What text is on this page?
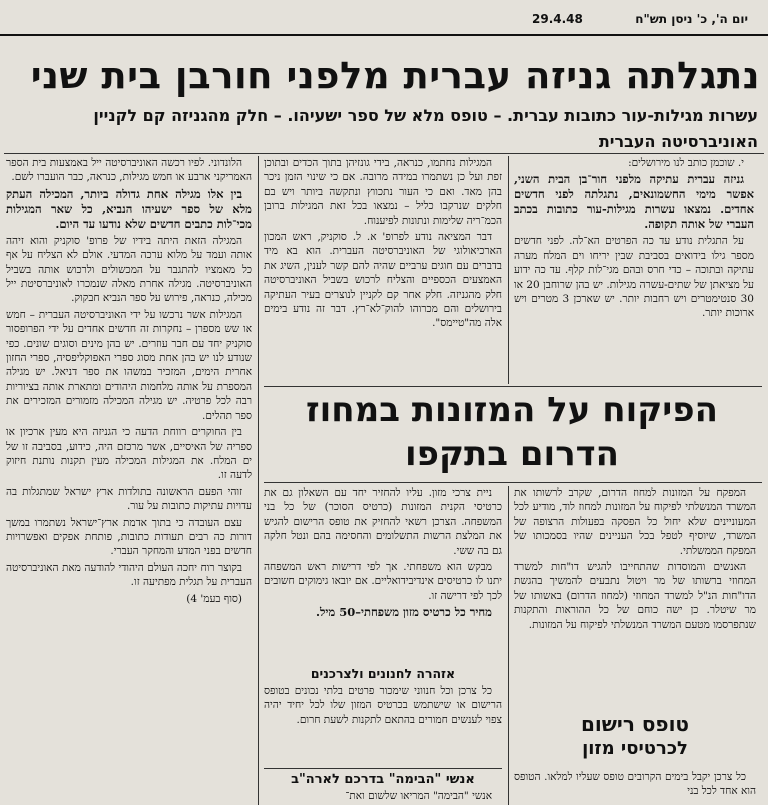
יום ה', כ' ניסן תש"ח
29.4.48
נתגלתה גניזה עברית מלפני חורבן בית שני
עשרות מגילות-עור כתובות עברית. – טופס מלא של ספר ישעיהו. – חלק מהגניזה קם לקניין האוניברסיטה העברית

י. שוכמן כותב לנו מירושלים:

גניזה עברית עתיקה מלפני חור־בן הבית השני, אפשר מימי החשמונאים, נתגלתה לפני חדשים אחדים. נמצאו עשרות מגילות-עור כתובות בכתב העברי של אותה תקופה.

על התגלית נודע עד כה הפרטים הא־לה. לפני חדשים מספר גילו בידואים בסביבת שבין יריחו וים המלח מערה עתיקה ובתוכה – כדי חרס ובהם מגי־לות קלף. עד כה ידוע על מציאתן של שתים-עשרה מגילות. יש בהן שרוחבן 20 או 30 סנטימטרים ויש רחבות יותר. יש שארכן 3 מטרים ויש ארוכות יותר.

המגילות נחתמו, כנראה, בידי גונזיהן בתוך הכדים ובתוכן זפת ועל כן נשתמרו במידה מרובה. אם כי שינוי הזמן ניכר בהן מאד. ואם כי העור נתכווץ ונתקשה ביותר ויש בם חלקים שנרקבו כליל – נמצאו בכל זאת המגילות ברובן הכמ־ריה שלימות ונתונות לפיענוח.

דבר המציאה נודע לפרופ' א. ל. סוקניק, ראש המכון הארכיאולוגי של האוניברסיטה העברית. הוא בא מיד בדברים עם חוגים ערביים שהיה להם קשר לענין, השיג את האמצעים הכספיים והצליח לרכוש בשביל האוניברסיטה חלק מהגניזה. חלק אחר קם לקניין לנוצרים בעיר העתיקה בירושלים והם מכרוהו להוק־לא־רץ. דבר זה נודע בימים אלה מה"טיימס".

הלונדוני. לפיו רכשה האוניברסיטה ייל באמצעות בית הספר האמריקני ארבע או חמש מגילות, כנראה, כבר הועברו לשם.

בין אלו מגילה אחת גדולה ביותר, המכילה העתק מלא של ספר ישעיהו הנביא, כל שאר המגילות מכי־לות כתבים חדשים שלא נודעו עד היום.

המגילה הזאת היתה בידיו של פרופ' סוקניק והוא זיהה אותה ועמד על מלוא ערכה המדעי. אולם לא הצליח על אף כל מאמציו להתגבר על המכשולים ולרכוש אותה בשביל האוניברסיטה. מגילה אחרת מאלה שנמכרו לאוניברסיטת ייל מכילה, כנראה, פירוש על ספר הנביא חבקוק.

המגילות אשר נרכשו על ידי האוניברסיטה העברית – חמש או שש מספרן – נחקרות זה חדשים אחדים על ידי הפרופסור סוקניק יחד עם חבר עוזרים. יש בהן מינים וסוגים שונים. כפי שנודע לנו יש בהן אחת מסוג ספרי האפוקליפסיה, ספרי החזון אחרית הימים, המזכיר במשהו את ספר דניאל. יש מגילה המספרת על אותה מלחמות היהודים ומתארת אותה בציוריות רבה לכל פרטיה. יש מגילה המכילה מזמורים המזכירים את ספר תהלים.

בין החוקרים רווחת הדעה כי הגניזה היא מעין ארכיון או ספריה של האיסיים, אשר מרכזם היה, כידוע, בסביבה זו של ים המלח. את המגילות המכילה מעין תקנות נותנת חיזוק לדעה זו.

זוהי הפעם הראשונה בתולדות ארץ ישראל שמתגלות בה עדויות עתיקות כתובות על עור.

עצם העובדה כי בתוך אדמת ארץ־ישראל נשתמרו במשך דורות כה רבים תעודות כתובות, פותחת אפקים ואפשרויות חדשים בפני המדע והמחקר העברי.

בקוצר רוח יחכה העולם היהודי להודעה מאת האוניברסיטה העברית על תגלית מפתיעה זו.

(סוף בעמ' 4)

הפיקוח על המזונות במחוז הדרום בתקפו

המפקח על המזונות למחוז הדרום, שקרב לרשותו את המשרד המנשלתי לפיקוח על המזונות למחוז לוד, מודיע לכל המעוניינים שלא יחול כל הפסקה בפעולות הרצופה של המשרד, שיוסיף לטפל בכל העניינים שהיו בסמכותו של המפקח הממשלתי.

האנשים והמוסדות שהתחייבו להגיש דו"חות למשרד המחוזי ברשותו של מר ויטול נתבעים להמשיך בהגשת הדו"חות הנ"ל למשרד המחוזי (למחוז הדרום) באשותו של מר שיטלר. כן ישה כוחם של כל ההוראות והתקנות שנתפרסמו מטעם המשרד המנשלתי לפיקוח על המזונות.

ניית צרכי מזון. עליו להחזיר יחד עם השאלון גם את כרטיסי הקנית המזונות (כרטיס הסוכר) של כל בני המשפחה. הצרכן רשאי להחזיק את טופס הרישום להגיש את המלצת הרשות התשלומים והחסימה בהם ונטל חלקה גם בה ששי.

מבקש הוא משפחתי. אך לפי דרישות ראש המשפחה יתנו לו כרטיסים אינדיבידואליים. אם יובאו גימוקים חשובים לכך לפי דרישה זו.

מחיר כל כרטיס מזון משפחתי–50 מיל.

אזהרה לחנונים ולצרכנים

כל צרכן וכל חנווני שימכור פרטים בלתי נכונים בטופס הרישום או שישתמש בכרטיס המזון שלו לכל יחיד יהיה צפוי לענשים חמורים בהתאם לתקנות לשעת חרום.

אנשי "הבימה" בדרכם לארה"ב

אנשי "הבימה" המריאו שלשום ואת־

טופס רישום
לכרטיסי מזון

כל צרכן יקבל בימים הקרובים טופס שעליו למלאו. הטופס הוא אחד לכל בני
